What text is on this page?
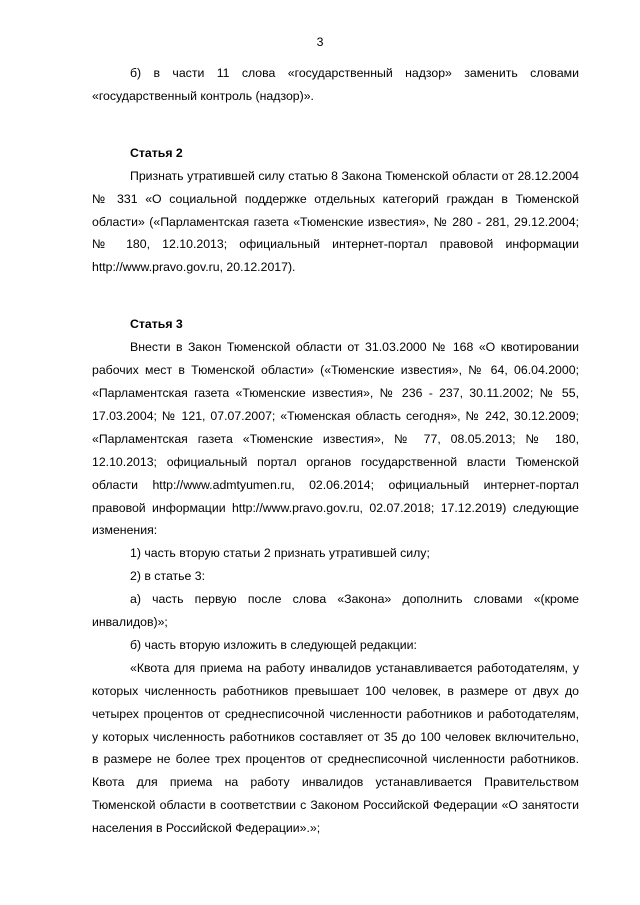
3

б) в части 11 слова «государственный надзор» заменить словами «государственный контроль (надзор)».

Статья 2

Признать утратившей силу статью 8 Закона Тюменской области от 28.12.2004 № 331 «О социальной поддержке отдельных категорий граждан в Тюменской области» («Парламентская газета «Тюменские известия», № 280 - 281, 29.12.2004; № 180, 12.10.2013; официальный интернет-портал правовой информации http://www.pravo.gov.ru, 20.12.2017).

Статья 3

Внести в Закон Тюменской области от 31.03.2000 № 168 «О квотировании рабочих мест в Тюменской области» («Тюменские известия», № 64, 06.04.2000; «Парламентская газета «Тюменские известия», № 236 - 237, 30.11.2002; № 55, 17.03.2004; № 121, 07.07.2007; «Тюменская область сегодня», № 242, 30.12.2009; «Парламентская газета «Тюменские известия», № 77, 08.05.2013; № 180, 12.10.2013; официальный портал органов государственной власти Тюменской области http://www.admtyumen.ru, 02.06.2014; официальный интернет-портал правовой информации http://www.pravo.gov.ru, 02.07.2018; 17.12.2019) следующие изменения:

1) часть вторую статьи 2 признать утратившей силу;

2) в статье 3:

а) часть первую после слова «Закона» дополнить словами «(кроме инвалидов)»;

б) часть вторую изложить в следующей редакции:

«Квота для приема на работу инвалидов устанавливается работодателям, у которых численность работников превышает 100 человек, в размере от двух до четырех процентов от среднесписочной численности работников и работодателям, у которых численность работников составляет от 35 до 100 человек включительно, в размере не более трех процентов от среднесписочной численности работников. Квота для приема на работу инвалидов устанавливается Правительством Тюменской области в соответствии с Законом Российской Федерации «О занятости населения в Российской Федерации».»;
